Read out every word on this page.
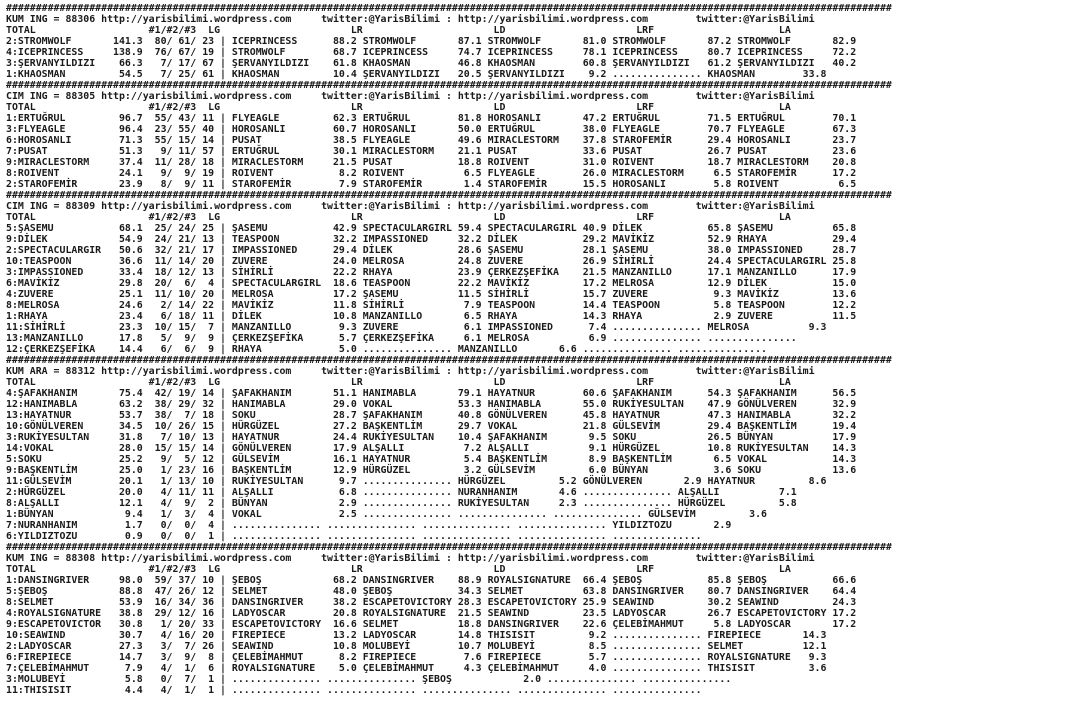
#####################################################################################################################################################
KUM ING = 88306 http://yarisbilimi.wordpress.com     twitter:@YarisBilimi : http://yarisbilimi.wordpress.com        twitter:@YarisBilimi
TOTAL                   #1/#2/#3  LG                      LR                      LD                      LRF                     LA
2:STROMWOLF       141.3  80/ 61/ 23 | ICEPRINCESS      88.2 STROMWOLF       87.1 STROMWOLF       81.0 STROMWOLF       87.2 STROMWOLF       82.9
4:ICEPRINCESS     138.9  76/ 67/ 19 | STROMWOLF        68.7 ICEPRINCESS     74.7 ICEPRINCESS     78.1 ICEPRINCESS     80.7 ICEPRINCESS     72.2
3:ŞERVANYILDIZI    66.3   7/ 17/ 67 | ŞERVANYILDIZI    61.8 KHAOSMAN        46.8 KHAOSMAN        60.8 ŞERVANYILDIZI   61.2 ŞERVANYILDIZI   40.2
1:KHAOSMAN         54.5   7/ 25/ 61 | KHAOSMAN         10.4 ŞERVANYILDIZI   20.5 ŞERVANYILDIZI    9.2 ............... KHAOSMAN        33.8
#####################################################################################################################################################
CIM ING = 88305 http://yarisbilimi.wordpress.com     twitter:@YarisBilimi : http://yarisbilimi.wordpress.com        twitter:@YarisBilimi
TOTAL                   #1/#2/#3  LG                      LR                      LD                      LRF                     LA
1:ERTUĞRUL         96.7  55/ 43/ 11 | FLYEAGLE         62.3 ERTUĞRUL        81.8 HOROSANLI       47.2 ERTUĞRUL        71.5 ERTUĞRUL        70.1
3:FLYEAGLE         96.4  23/ 55/ 40 | HOROSANLI        60.7 HOROSANLI       50.0 ERTUĞRUL        38.0 FLYEAGLE        70.7 FLYEAGLE        67.3
6:HOROSANLI        71.3  55/ 15/ 14 | PUSAT            38.5 FLYEAGLE        49.6 MIRACLESTORM    37.8 STAROFEMİR      29.4 HOROSANLI       23.7
7:PUSAT            51.3   9/ 11/ 57 | ERTUĞRUL         30.1 MIRACLESTORM    21.1 PUSAT           33.6 PUSAT           26.7 PUSAT           23.6
9:MIRACLESTORM     37.4  11/ 28/ 18 | MIRACLESTORM     21.5 PUSAT           18.8 ROIVENT         31.0 ROIVENT         18.7 MIRACLESTORM    20.8
8:ROIVENT          24.1   9/  9/ 19 | ROIVENT           8.2 ROIVENT          6.5 FLYEAGLE        26.0 MIRACLESTORM     6.5 STAROFEMİR      17.2
2:STAROFEMİR       23.9   8/  9/ 11 | STAROFEMİR        7.9 STAROFEMİR       1.4 STAROFEMİR      15.5 HOROSANLI        5.8 ROIVENT          6.5
#####################################################################################################################################################
CIM ING = 88309 http://yarisbilimi.wordpress.com     twitter:@YarisBilimi : http://yarisbilimi.wordpress.com        twitter:@YarisBilimi
TOTAL                   #1/#2/#3  LG                      LR                      LD                      LRF                     LA
5:ŞASEMU           68.1  25/ 24/ 25 | ŞASEMU           42.9 SPECTACULARGIRL 59.4 SPECTACULARGIRL 40.9 DİLEK           65.8 ŞASEMU          65.8
9:DİLEK            54.9  24/ 21/ 13 | TEASPOON         32.2 IMPASSIONED     32.2 DİLEK           29.2 MAVİKİZ         52.9 RHAYA           29.4
2:SPECTACULARGIR   50.6  32/ 21/ 17 | IMPASSIONED      29.4 DİLEK           28.6 ŞASEMU          28.1 ŞASEMU          38.0 IMPASSIONED     28.7
10:TEASPOON        36.6  11/ 14/ 20 | ZUVERE           24.0 MELROSA         24.8 ZUVERE          26.9 SİHİRLİ         24.4 SPECTACULARGIRL 25.8
3:IMPASSIONED      33.4  18/ 12/ 13 | SİHİRLİ          22.2 RHAYA           23.9 ÇERKEZŞEFİKA    21.5 MANZANILLO      17.1 MANZANILLO      17.9
6:MAVİKİZ          29.8  20/  6/  4 | SPECTACULARGIRL  18.6 TEASPOON        22.2 MAVİKİZ         17.2 MELROSA         12.9 DİLEK           15.0
4:ZUVERE           25.1  11/ 10/ 20 | MELROSA          17.2 ŞASEMU          11.5 SİHİRLİ         15.7 ZUVERE           9.3 MAVİKİZ         13.6
8:MELROSA          24.6   2/ 14/ 22 | MAVİKİZ          11.8 SİHİRLİ          7.9 TEASPOON        14.4 TEASPOON         5.8 TEASPOON        12.2
1:RHAYA            23.4   6/ 18/ 11 | DİLEK            10.8 MANZANILLO       6.5 RHAYA           14.3 RHAYA            2.9 ZUVERE          11.5
11:SİHİRLİ         23.3  10/ 15/  7 | MANZANILLO        9.3 ZUVERE           6.1 IMPASSIONED      7.4 ............... MELROSA          9.3
13:MANZANILLO      17.8   5/  9/  9 | ÇERKEZŞEFİKA      5.7 ÇERKEZŞEFİKA     6.1 MELROSA          6.9 ............... ...............
12:ÇERKEZŞEFİKA    14.4   6/  6/  9 | RHAYA             5.0 ............... MANZANILLO       6.6 ............... ...............
#####################################################################################################################################################
KUM ARA = 88312 http://yarisbilimi.wordpress.com     twitter:@YarisBilimi : http://yarisbilimi.wordpress.com        twitter:@YarisBilimi
TOTAL                   #1/#2/#3  LG                      LR                      LD                      LRF                     LA
4:ŞAFAKHANIM       75.4  42/ 19/ 14 | ŞAFAKHANIM       51.1 HANIMABLA       79.1 HAYATNUR        60.6 ŞAFAKHANIM      54.3 ŞAFAKHANIM      56.5
12:HANIMABLA       63.2  38/ 29/ 32 | HANIMABLA        29.0 VOKAL           53.3 HANIMABLA       55.0 RUKİYESULTAN    47.9 GÖNÜLVEREN      32.9
13:HAYATNUR        53.7  38/  7/ 18 | SOKU             28.7 ŞAFAKHANIM      40.8 GÖNÜLVEREN      45.8 HAYATNUR        47.3 HANIMABLA       32.2
10:GÖNÜLVEREN      34.5  10/ 26/ 15 | HÜRGÜZEL         27.2 BAŞKENTLİM      29.7 VOKAL           21.8 GÜLSEVİM        29.4 BAŞKENTLİM      19.4
3:RUKİYESULTAN     31.8   7/ 10/ 13 | HAYATNUR         24.4 RUKİYESULTAN    10.4 ŞAFAKHANIM       9.5 SOKU            26.5 BÜNYAN          17.9
14:VOKAL           28.0  15/ 15/ 14 | GÖNÜLVEREN       17.9 ALŞALLI          7.2 ALŞALLI          9.1 HÜRGÜZEL        10.8 RUKİYESULTAN    14.3
5:SOKU             25.2   9/  5/ 12 | GÜLSEVİM         16.1 HAYATNUR         5.4 BAŞKENTLİM       8.9 BAŞKENTLİM       6.5 VOKAL           14.3
9:BAŞKENTLİM       25.0   1/ 23/ 16 | BAŞKENTLİM       12.9 HÜRGÜZEL         3.2 GÜLSEVİM         6.0 BÜNYAN           3.6 SOKU            13.6
11:GÜLSEVİM        20.1   1/ 13/ 10 | RUKİYESULTAN      9.7 ............... HÜRGÜZEL         5.2 GÖNÜLVEREN       2.9 HAYATNUR         8.6
2:HÜRGÜZEL         20.0   4/ 11/ 11 | ALŞALLI           6.8 ............... NURANHANIM       4.6 ............... ALŞALLI          7.1
8:ALŞALLI          12.1   4/  9/  2 | BÜNYAN            2.9 ............... RUKİYESULTAN     2.3 ............... HÜRGÜZEL         5.8
1:BÜNYAN            9.4   1/  3/  4 | VOKAL             2.5 ............... ............... ............... GÜLSEVİM         3.6
7:NURANHANIM        1.7   0/  0/  4 | ............... ............... ............... ............... YILDIZTOZU       2.9
6:YILDIZTOZU        0.9   0/  0/  1 | ............... ............... ............... ............... ...............
#####################################################################################################################################################
KUM ING = 88308 http://yarisbilimi.wordpress.com     twitter:@YarisBilimi : http://yarisbilimi.wordpress.com        twitter:@YarisBilimi
TOTAL                   #1/#2/#3  LG                      LR                      LD                      LRF                     LA
1:DANSINGRIVER     98.0  59/ 37/ 10 | ŞEBOŞ            68.2 DANSINGRIVER    88.9 ROYALSIGNATURE  66.4 ŞEBOŞ           85.8 ŞEBOŞ           66.6
5:ŞEBOŞ            88.8  47/ 26/ 12 | SELMET           48.0 ŞEBOŞ           34.3 SELMET          63.8 DANSINGRIVER    80.7 DANSINGRIVER    64.4
8:SELMET           53.9  16/ 34/ 36 | DANSINGRIVER     38.2 ESCAPETOVICTORY 28.3 ESCAPETOVICTORY 25.9 SEAWIND         30.2 SEAWIND         24.3
4:ROYALSIGNATURE   38.8  29/ 12/ 16 | LADYOSCAR        20.8 ROYALSIGNATURE  21.5 SEAWIND         23.5 LADYOSCAR       26.7 ESCAPETOVICTORY 17.2
9:ESCAPETOVICTOR   30.8   1/ 20/ 33 | ESCAPETOVICTORY  16.6 SELMET          18.8 DANSINGRIVER    22.6 ÇELEBİMAHMUT     5.8 LADYOSCAR       17.2
10:SEAWIND         30.7   4/ 16/ 20 | FIREPIECE        13.2 LADYOSCAR       14.8 THISISIT         9.2 ............... FIREPIECE       14.3
2:LADYOSCAR        27.3   3/  7/ 26 | SEAWIND          10.8 MOLUBEYİ        10.7 MOLUBEYİ         8.5 ............... SELMET          12.1
6:FIREPIECE        14.7   3/  9/  8 | ÇELEBİMAHMUT      8.2 FIREPIECE        7.6 FIREPIECE        5.7 ............... ROYALSIGNATURE   9.3
7:ÇELEBİMAHMUT      7.9   4/  1/  6 | ROYALSIGNATURE    5.0 ÇELEBİMAHMUT     4.3 ÇELEBİMAHMUT     4.0 ............... THISISIT         3.6
3:MOLUBEYİ          5.8   0/  7/  1 | ............... ............... ŞEBOŞ            2.0 ............... ...............
11:THISISIT         4.4   4/  1/  1 | ............... ............... ............... ............... ...............
